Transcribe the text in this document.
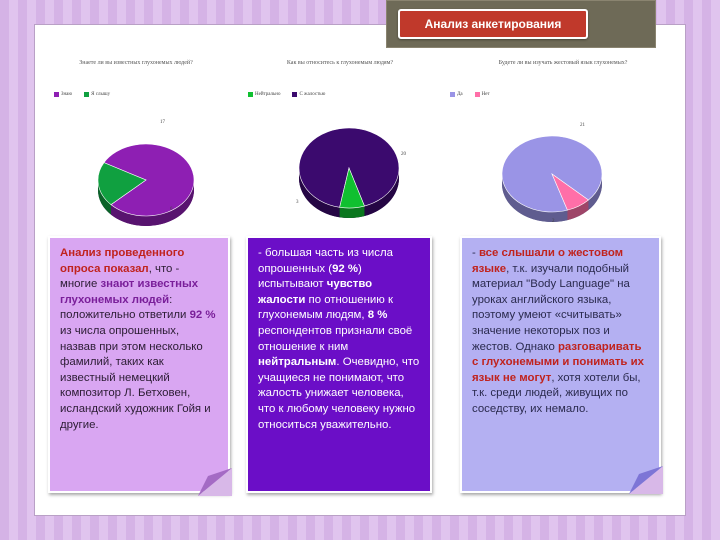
Анализ анкетирования
Знаете ли вы известных глухонемых людей?
Знаю	Я слышу
17
6
Как вы относитесь к глухонемым людям?
Нейтрально	С жалостью
20
3
Будете ли вы изучать жестовый язык глухонемых?
Да	Нет
21
2
Анализ проведенного опроса показал, что - многие знают известных глухонемых людей: положительно ответили 92 % из числа опрошенных, назвав при этом несколько фамилий, таких как известный немецкий композитор Л. Бетховен, исландский художник Гойя и другие.
- большая часть из числа опрошенных (92 %) испытывают чувство жалости по отношению к глухонемым людям, 8 % респондентов признали своё отношение к ним нейтральным. Очевидно, что учащиеся не понимают, что жалость унижает человека, что к любому человеку нужно относиться уважительно.
- все слышали о жестовом языке, т.к. изучали подобный материал "Body Language" на уроках английского языка, поэтому умеют «считывать» значение некоторых поз и жестов. Однако разговаривать с глухонемыми и понимать их язык не могут, хотя хотели бы, т.к. среди людей, живущих по соседству, их немало.
